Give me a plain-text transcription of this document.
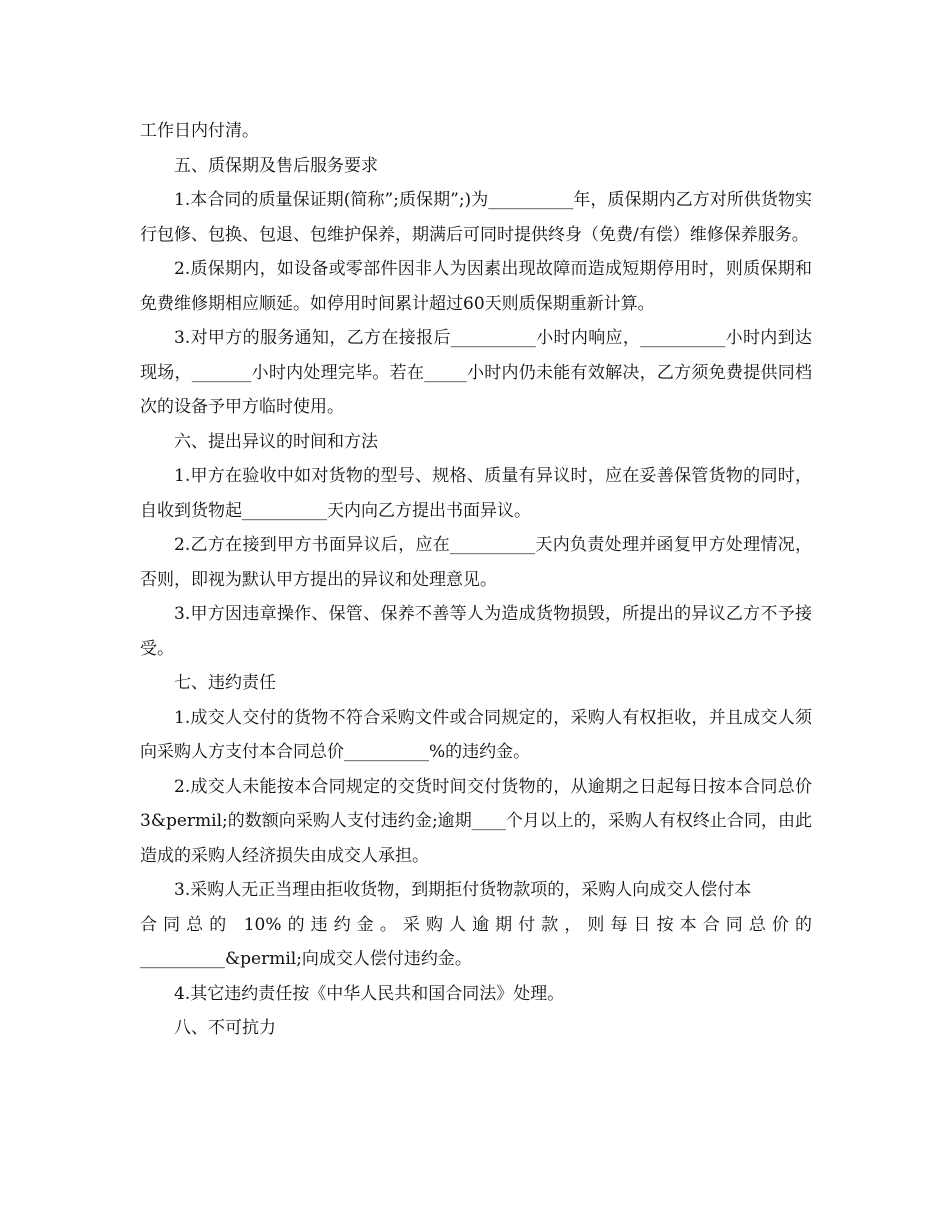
工作日内付清。

五、质保期及售后服务要求

1.本合同的质量保证期(简称”;质保期”;)为__________年，质保期内乙方对所供货物实行包修、包换、包退、包维护保养，期满后可同时提供终身（免费/有偿）维修保养服务。

2.质保期内，如设备或零部件因非人为因素出现故障而造成短期停用时，则质保期和免费维修期相应顺延。如停用时间累计超过60天则质保期重新计算。

3.对甲方的服务通知，乙方在接报后__________小时内响应，__________小时内到达现场，_______小时内处理完毕。若在_____小时内仍未能有效解决，乙方须免费提供同档次的设备予甲方临时使用。

六、提出异议的时间和方法

1.甲方在验收中如对货物的型号、规格、质量有异议时，应在妥善保管货物的同时，自收到货物起__________天内向乙方提出书面异议。

2.乙方在接到甲方书面异议后，应在__________天内负责处理并函复甲方处理情况，否则，即视为默认甲方提出的异议和处理意见。

3.甲方因违章操作、保管、保养不善等人为造成货物损毁，所提出的异议乙方不予接受。

七、违约责任

1.成交人交付的货物不符合采购文件或合同规定的，采购人有权拒收，并且成交人须向采购人方支付本合同总价__________%的违约金。

2.成交人未能按本合同规定的交货时间交付货物的，从逾期之日起每日按本合同总价 3&permil;的数额向采购人支付违约金;逾期____个月以上的，采购人有权终止合同，由此造成的采购人经济损失由成交人承担。

3.采购人无正当理由拒收货物，到期拒付货物款项的，采购人向成交人偿付本

合同总的 10%的违约金。采购人逾期付款，则每日按本合同总价的

__________&permil;向成交人偿付违约金。

4.其它违约责任按《中华人民共和国合同法》处理。

八、不可抗力
